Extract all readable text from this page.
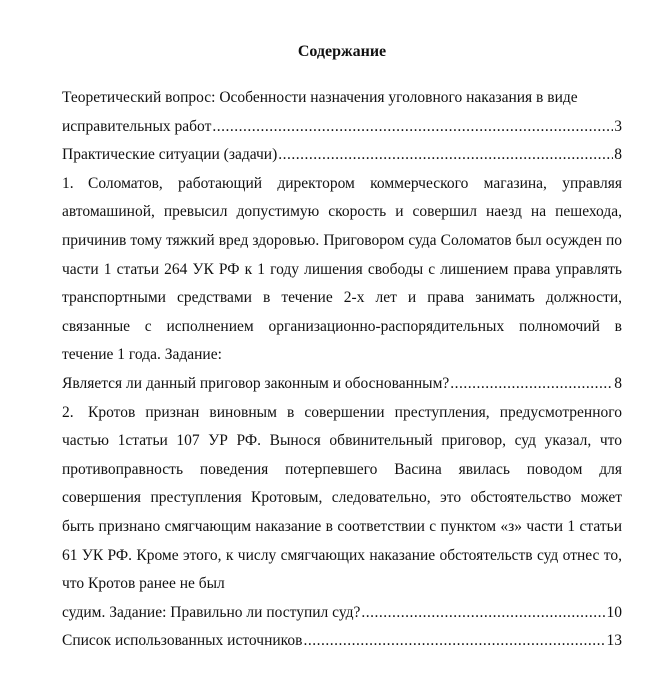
Содержание
Теоретический вопрос: Особенности назначения уголовного наказания в виде
исправительных работ .....	3
Практические ситуации (задачи) .....	8
1. Соломатов, работающий директором коммерческого магазина, управляя автомашиной, превысил допустимую скорость и совершил наезд на пешехода, причинив тому тяжкий вред здоровью. Приговором суда Соломатов был осужден по части 1 статьи 264 УК РФ к 1 году лишения свободы с лишением права управлять транспортными средствами в течение 2-х лет и права занимать должности, связанные с исполнением организационно-распорядительных полномочий в течение 1 года. Задание:
Является ли данный приговор законным и обоснованным? .....	8
2. Кротов признан виновным в совершении преступления, предусмотренного частью 1статьи 107 УР РФ. Вынося обвинительный приговор, суд указал, что противоправность поведения потерпевшего Васина явилась поводом для совершения преступления Кротовым, следовательно, это обстоятельство может быть признано смягчающим наказание в соответствии с пунктом «з» части 1 статьи 61 УК РФ. Кроме этого, к числу смягчающих наказание обстоятельств суд отнес то, что Кротов ранее не был
судим. Задание: Правильно ли поступил суд? .....	10
Список использованных источников .....	13
